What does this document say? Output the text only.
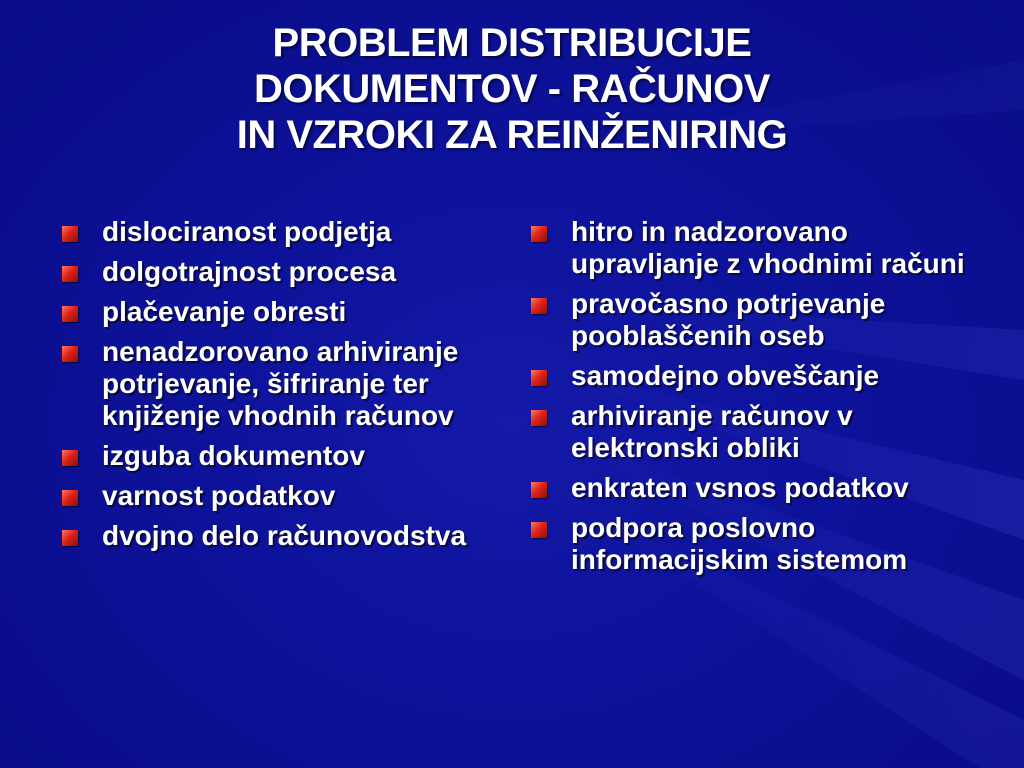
PROBLEM DISTRIBUCIJE
DOKUMENTOV - RAČUNOV
IN VZROKI ZA REINŽENIRING
dislociranost podjetja
dolgotrajnost procesa
plačevanje obresti
nenadzorovano arhiviranje potrjevanje, šifriranje ter knjiženje vhodnih računov
izguba dokumentov
varnost podatkov
dvojno delo računovodstva
hitro in nadzorovano upravljanje z vhodnimi računi
pravočasno potrjevanje pooblaščenih oseb
samodejno obveščanje
arhiviranje računov v elektronski obliki
enkraten vsnos podatkov
podpora poslovno informacijskim sistemom
